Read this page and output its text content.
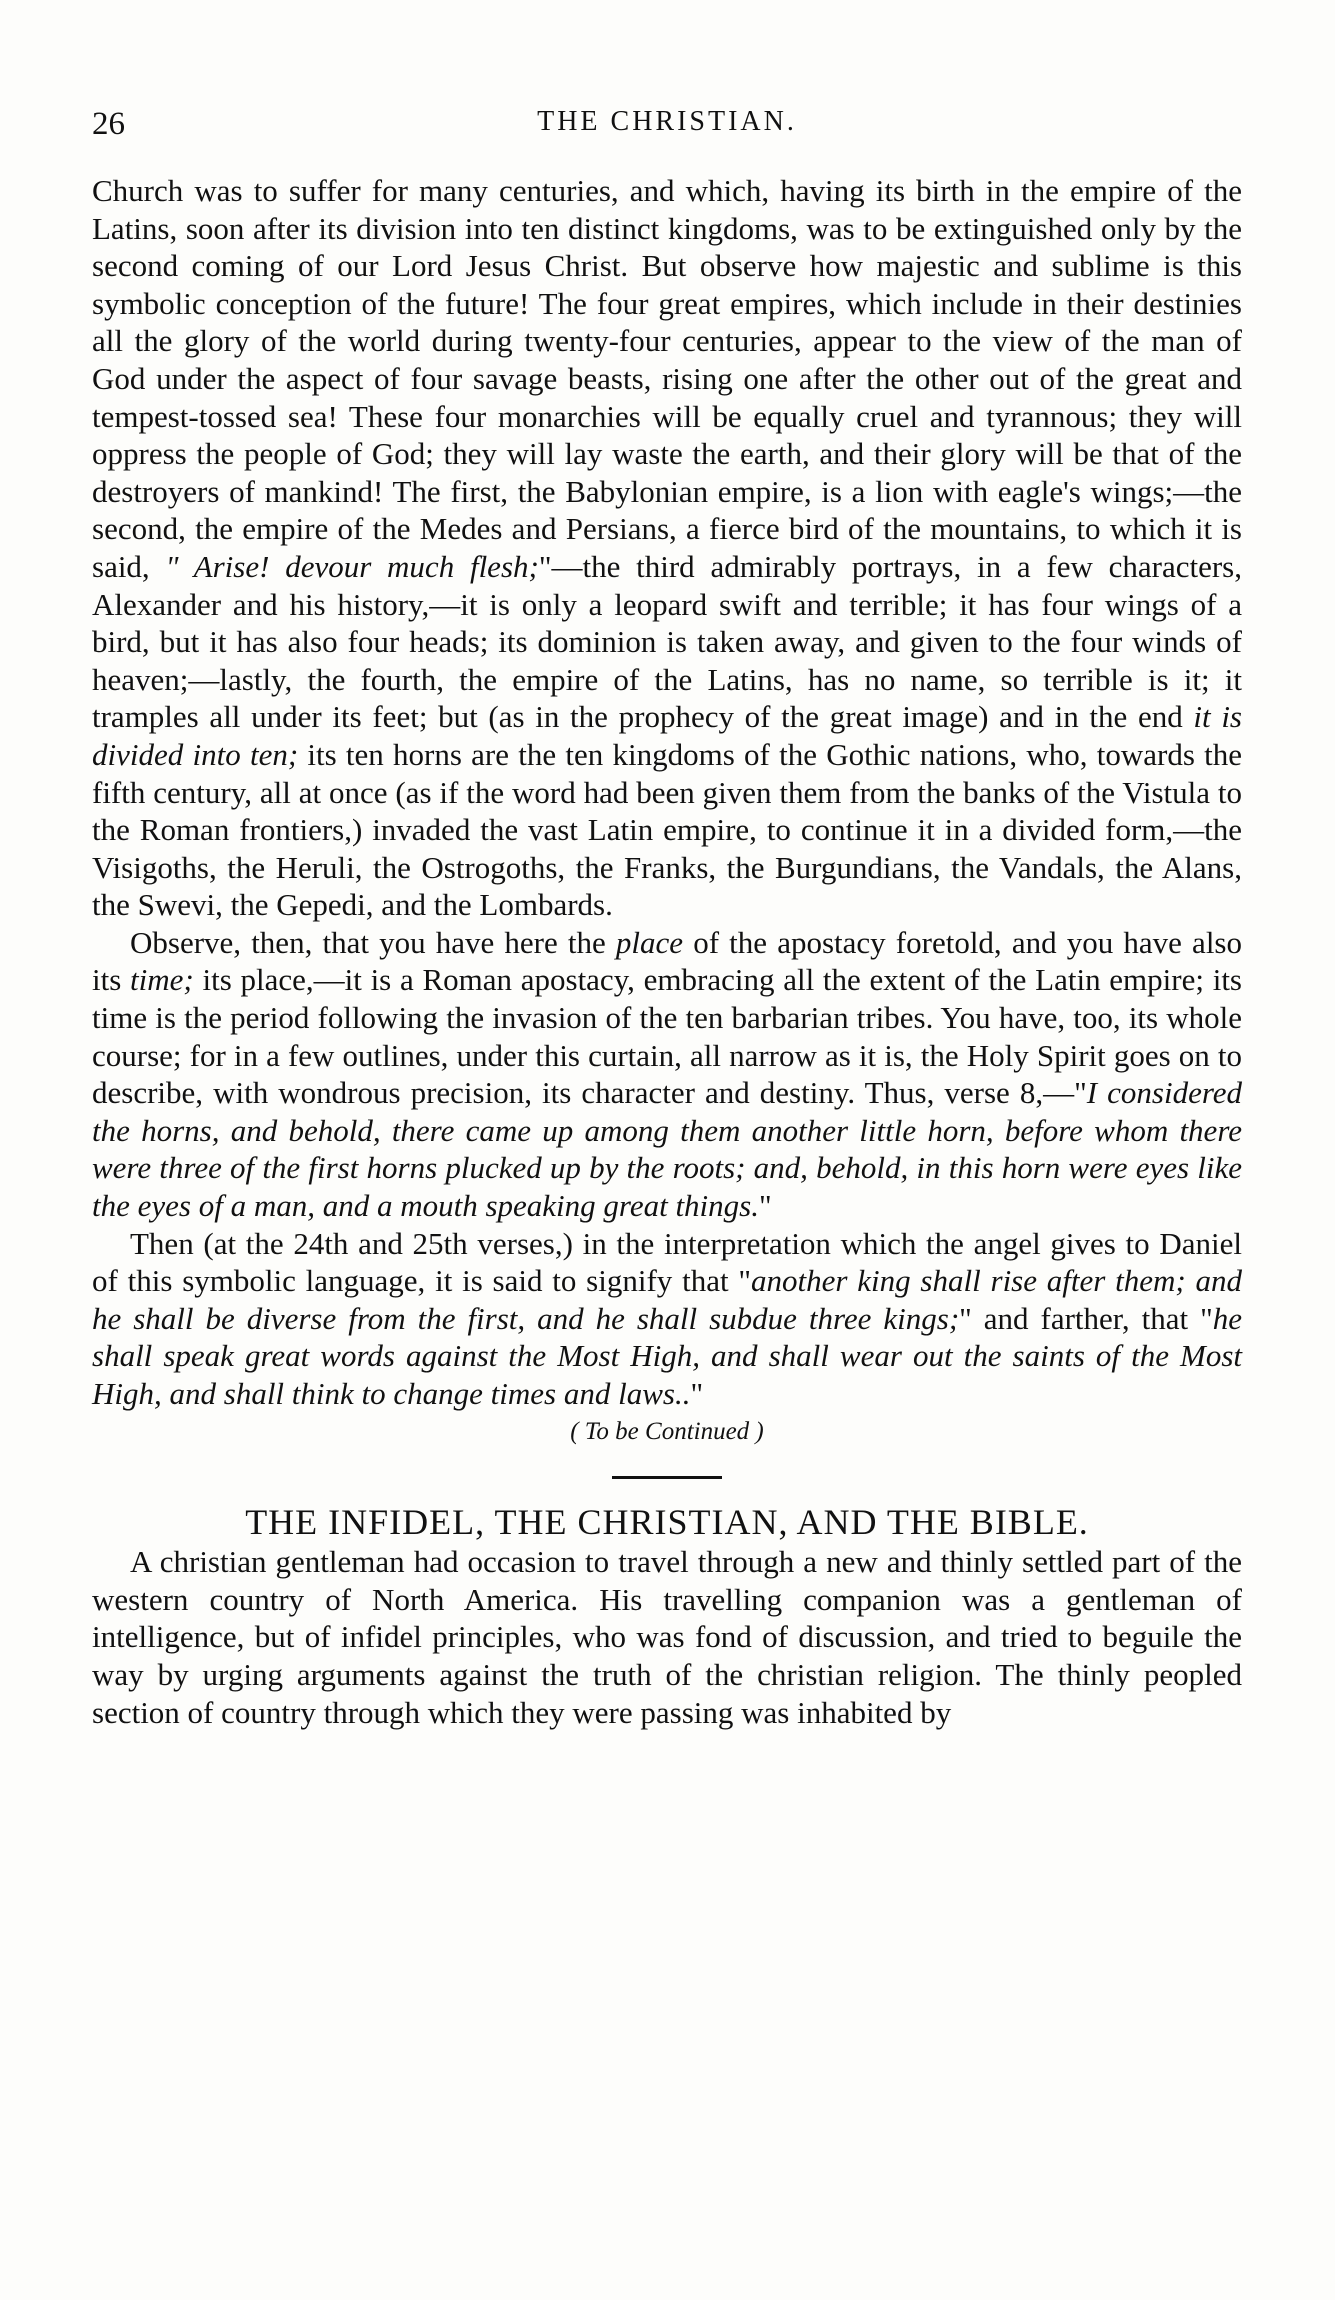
26	THE CHRISTIAN.

Church was to suffer for many centuries, and which, having its birth in the empire of the Latins, soon after its division into ten distinct kingdoms, was to be extinguished only by the second coming of our Lord Jesus Christ. But observe how majestic and sublime is this symbolic conception of the future! The four great empires, which include in their destinies all the glory of the world during twenty-four centuries, appear to the view of the man of God under the aspect of four savage beasts, rising one after the other out of the great and tempest-tossed sea! These four monarchies will be equally cruel and tyrannous; they will oppress the people of God; they will lay waste the earth, and their glory will be that of the destroyers of mankind! The first, the Babylonian empire, is a lion with eagle's wings;—the second, the empire of the Medes and Persians, a fierce bird of the mountains, to which it is said, " Arise! devour much flesh;"—the third admirably portrays, in a few characters, Alexander and his history,—it is only a leopard swift and terrible; it has four wings of a bird, but it has also four heads; its dominion is taken away, and given to the four winds of heaven;—lastly, the fourth, the empire of the Latins, has no name, so terrible is it; it tramples all under its feet; but (as in the prophecy of the great image) and in the end it is divided into ten; its ten horns are the ten kingdoms of the Gothic nations, who, towards the fifth century, all at once (as if the word had been given them from the banks of the Vistula to the Roman frontiers,) invaded the vast Latin empire, to continue it in a divided form,—the Visigoths, the Heruli, the Ostrogoths, the Franks, the Burgundians, the Vandals, the Alans, the Swevi, the Gepedi, and the Lombards.

Observe, then, that you have here the place of the apostacy foretold, and you have also its time; its place,—it is a Roman apostacy, embracing all the extent of the Latin empire; its time is the period following the invasion of the ten barbarian tribes. You have, too, its whole course; for in a few outlines, under this curtain, all narrow as it is, the Holy Spirit goes on to describe, with wondrous precision, its character and destiny. Thus, verse 8,—"I considered the horns, and behold, there came up among them another little horn, before whom there were three of the first horns plucked up by the roots; and, behold, in this horn were eyes like the eyes of a man, and a mouth speaking great things."

Then (at the 24th and 25th verses,) in the interpretation which the angel gives to Daniel of this symbolic language, it is said to signify that "another king shall rise after them; and he shall be diverse from the first, and he shall subdue three kings;" and farther, that "he shall speak great words against the Most High, and shall wear out the saints of the Most High, and shall think to change times and laws.."

( To be Continued )

THE INFIDEL, THE CHRISTIAN, AND THE BIBLE.

A christian gentleman had occasion to travel through a new and thinly settled part of the western country of North America. His travelling companion was a gentleman of intelligence, but of infidel principles, who was fond of discussion, and tried to beguile the way by urging arguments against the truth of the christian religion. The thinly peopled section of country through which they were passing was inhabited by
